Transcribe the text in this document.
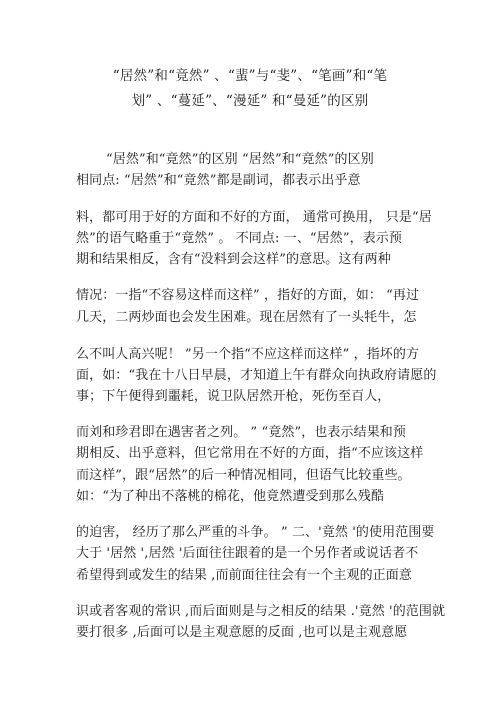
“居然”和“竟然” 、“蜚”与“斐”、“笔画”和“笔
划” 、“蔓延”、“漫延” 和“曼延”的区别
“居然”和“竟然”的区别 “居然”和“竟然”的区别
相同点: “居然”和“竟然”都是副词，都表示出乎意
料，都可用于好的方面和不好的方面， 通常可换用， 只是“居
然”的语气略重于“竟然” 。 不同点: 一、“居然”，表示预
期和结果相反，含有“没料到会这样”的意思。这有两种
情况：一指“不容易这样而这样” ，指好的方面，如： “再过
几天，二两炒面也会发生困难。现在居然有了一头牦牛，怎
么不叫人高兴呢！ ”另一个指“不应这样而这样” ，指坏的方
面，如：“我在十八日早晨，才知道上午有群众向执政府请愿的
事；下午便得到噩耗，说卫队居然开枪，死伤至百人，
而刘和珍君即在遇害者之列。 ” “竟然”，也表示结果和预
期相反、出乎意料，但它常用在不好的方面，指“不应该这样
而这样”，跟“居然”的后一种情况相同，但语气比较重些。
如：“为了种出不落桃的棉花，他竟然遭受到那么残酷
的迫害， 经历了那么严重的斗争。 ” 二、'竟然 '的使用范围要
大于 '居然 ',居然 '后面往往跟着的是一个另作者或说话者不
希望得到或发生的结果 ,而前面往往会有一个主观的正面意
识或者客观的常识 ,而后面则是与之相反的结果 .'竟然 '的范围就
要打很多 ,后面可以是主观意愿的反面 ,也可以是主观意愿
